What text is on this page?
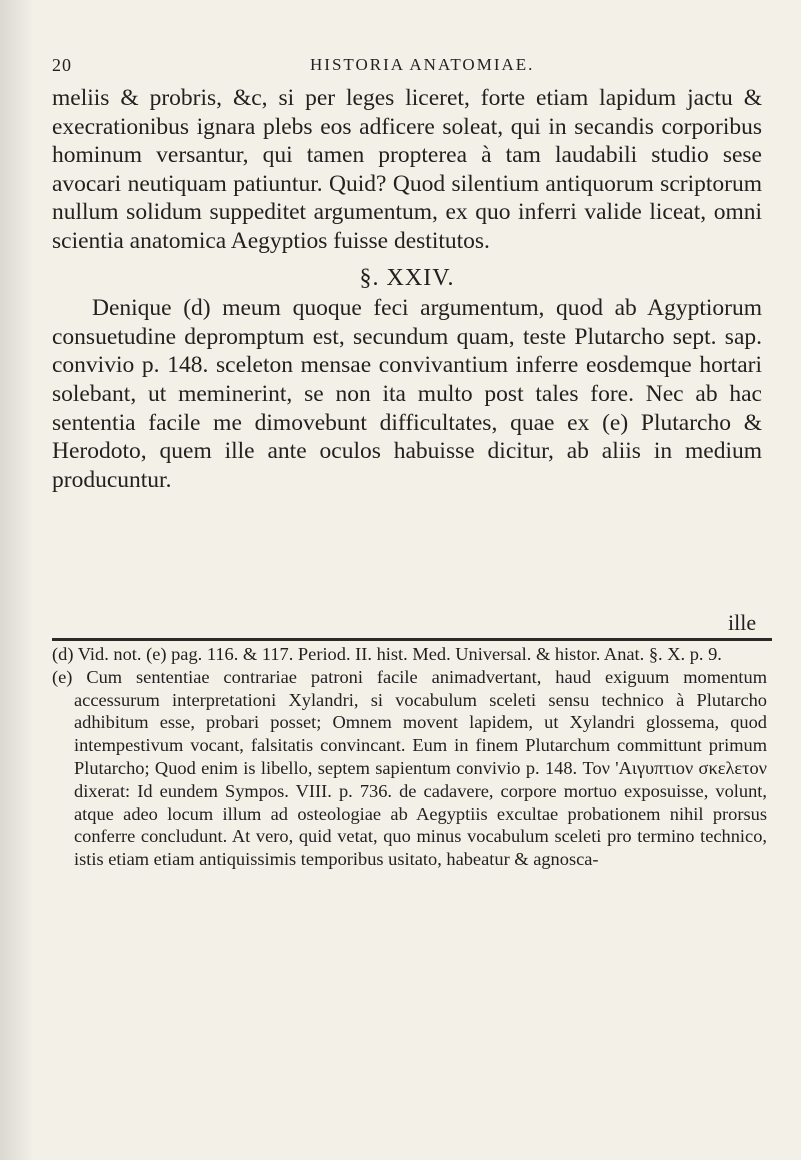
20	HISTORIA ANATOMIAE.

meliis & probris, &c, si per leges liceret, forte etiam lapidum jactu & execrationibus ignara plebs eos adficere soleat, qui in secandis corporibus hominum versantur, qui tamen propterea à tam laudabili studio sese avocari neutiquam patiuntur. Quid? Quod silentium antiquorum scriptorum nullum solidum suppeditet argumentum, ex quo inferri valide liceat, omni scientia anatomica Aegyptios fuisse destitutos.

§. XXIV.

Denique (d) meum quoque feci argumentum, quod ab Agyptiorum consuetudine depromptum est, secundum quam, teste Plutarcho sept. sap. convivio p. 148. sceleton mensae convivantium inferre eosdemque hortari solebant, ut meminerint, se non ita multo post tales fore. Nec ab hac sententia facile me dimovebunt difficultates, quae ex (e) Plutarcho & Herodoto, quem ille ante oculos habuisse dicitur, ab aliis in medium producuntur.

ille

(d) Vid. not. (e) pag. 116. & 117. Period. II. hist. Med. Universal. & histor. Anat. §. X. p. 9.

(e) Cum sententiae contrariae patroni facile animadvertant, haud exiguum momentum accessurum interpretationi Xylandri, si vocabulum sceleti sensu technico à Plutarcho adhibitum esse, probari posset; Omnem movent lapidem, ut Xylandri glossema, quod intempestivum vocant, falsitatis convincant. Eum in finem Plutarchum committunt primum Plutarcho; Quod enim is libello, septem sapientum convivio p. 148. Τον 'Αιγυπτιον σκελετον dixerat: Id eundem Sympos. VIII. p. 736. de cadavere, corpore mortuo exposuisse, volunt, atque adeo locum illum ad osteologiae ab Aegyptiis excultae probationem nihil prorsus conferre concludunt. At vero, quid vetat, quo minus vocabulum sceleti pro termino technico, istis etiam etiam antiquissimis temporibus usitato, habeatur & agnosca-
